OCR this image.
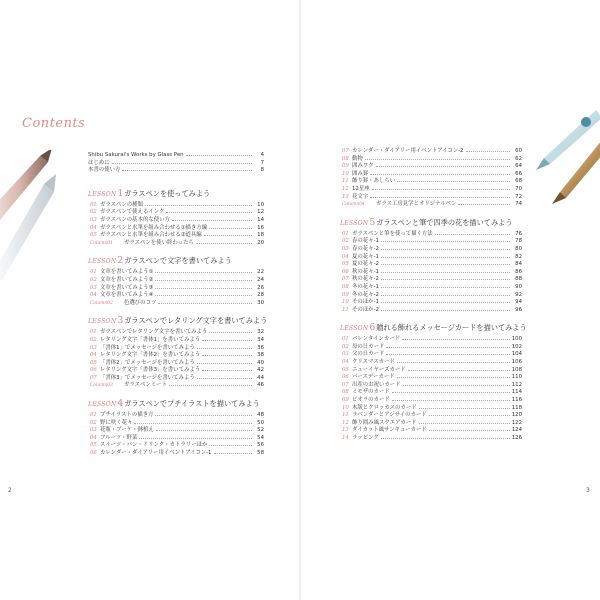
Contents
Shibu Sakurai's Works by Glass Pen	4
はじめに	7
本書の使い方	8
LESSON 1 ガラスペンを使ってみよう
01 ガラスペンの種類	10
02 ガラスペンで使えるインク	12
03 ガラスペンの基本的な使い方	14
04 ガラスペンと水筆を組み合わせる①描き方編	16
05 ガラスペンと水筆を組み合わせる②道具編	18
Column01	ガラスペンを使い終わったら	20
LESSON 2 ガラスペンで文字を書いてみよう
01 文章を書いてみよう①	22
02 文章を書いてみよう②	24
03 文章を書いてみよう③	26
04 文章を書いてみよう④	28
Column02	色選びのコツ	30
LESSON 3 ガラスペンでレタリング文字を書いてみよう
01 ガラスペンでレタリング文字を書いてみよう	32
02 レタリング文字「書体1」を書いてみよう	34
03 「書体1」でメッセージを書いてみよう	36
04 レタリング文字「書体2」を書いてみよう	38
05 「書体2」でメッセージを書いてみよう	40
06 レタリング文字「書体3」を書いてみよう	42
07 「書体3」でメッセージを書いてみよう	44
Column03	ガラスペンミート	46
LESSON 4 ガラスペンでプチイラストを描いてみよう
01 プチイラストの描き方	48
02 野に咲く花々	50
03 花瓶・ブーケ・鉢植え	52
04 フルーツ・野菜	54
05 スイーツ・パン・ドリンク・カトラリーほか	56
06 カレンダー・ダイアリー用イベントアイコン-1	58
07 カレンダー・ダイアリー用イベントアイコン-2	60
08 動物	62
09 囲みワク	64
10 囲み罫	66
11 飾り罫・あしらい	68
12 12星座	70
13 花文字	72
Column04	ガラス工房見学とオリジナルペン	74
LESSON 5 ガラスペンと筆で四季の花を描いてみよう
01 ガラスペンと筆を使って描く方法	76
02 春の花々-1	78
03 春の花々-2	80
04 夏の花々-1	82
05 夏の花々-2	84
06 秋の花々-1	86
07 秋の花々-2	88
08 冬の花々-1	90
09 冬の花々-2	92
10 そのほか-1	94
11 そのほか-2	96
LESSON 6 贈れる飾れるメッセージカードを描いてみよう
01 バレンタインカード	100
02 母の日カード	102
03 父の日カード	104
04 クリスマスカード	106
05 ニューイヤーズカード	108
06 バースデーカード	110
07 出産のお祝いカード	112
08 ミモザのカード	114
09 ビオラのカード	116
10 木版とクロッカスのカード	118
11 ラベンダーとアジサイのカード	120
12 飾り囲み風スクエアカード	122
13 ダイカット風サンキューカード	124
14 ラッピング	126
2	3
